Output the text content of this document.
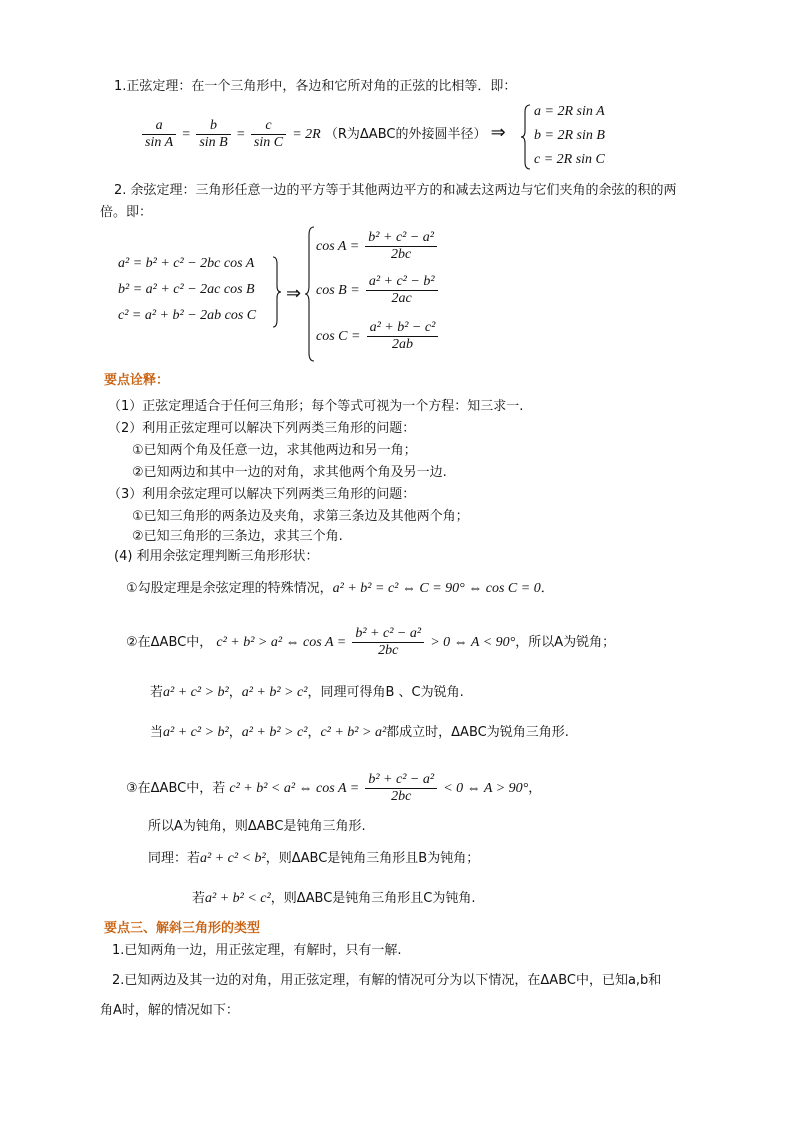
1.正弦定理：在一个三角形中，各边和它所对角的正弦的比相等．即：
$\frac{a}{\text{sin A}} = \frac{b}{\text{sin B}} = \frac{c}{\text{sin C}} = 2R$ （R为ΔABC的外接圆半径） ⇒
a = 2R sin A
b = 2R sin B
c = 2R sin C
2. 余弦定理：三角形任意一边的平方等于其他两边平方的和减去这两边与它们夹角的余弦的积的两
倍。即：
a² = b² + c² − 2bc cos A
b² = a² + c² − 2ac cos B
c² = a² + b² − 2ab cos C
⇒
$\cos A = \frac{\text{b² + c² − a²}}{2bc}$
$\cos B = \frac{\text{a² + c² − b²}}{2ac}$
$\cos C = \frac{\text{a² + b² − c²}}{2ab}$
要点诠释：
（1）正弦定理适合于任何三角形；每个等式可视为一个方程：知三求一.
（2）利用正弦定理可以解决下列两类三角形的问题：
①已知两个角及任意一边，求其他两边和另一角；
②已知两边和其中一边的对角，求其他两个角及另一边.
（3）利用余弦定理可以解决下列两类三角形的问题：
①已知三角形的两条边及夹角，求第三条边及其他两个角；
②已知三角形的三条边，求其三个角.
(4) 利用余弦定理判断三角形形状：
①勾股定理是余弦定理的特殊情况，a² + b² = c² ⇔ C = 90° ⇔ cos C = 0．
②在ΔABC中， c² + b² > a² ⇔ $\cos A = \frac{\text{b² + c² − a²}}{2bc} > 0$ ⇔ A < 90°，所以A为锐角；
若a² + c² > b²，a² + b² > c²，同理可得角B 、C为锐角.
当a² + c² > b²，a² + b² > c²，c² + b² > a²都成立时，ΔABC为锐角三角形.
③在ΔABC中，若 c² + b² < a² ⇔ $\cos A = \frac{\text{b² + c² − a²}}{2bc} < 0$ ⇔ A > 90°，
所以A为钝角，则ΔABC是钝角三角形.
同理：若a² + c² < b²，则ΔABC是钝角三角形且B为钝角；
若a² + b² < c²，则ΔABC是钝角三角形且C为钝角.
要点三、解斜三角形的类型
1.已知两角一边，用正弦定理，有解时，只有一解.
2.已知两边及其一边的对角，用正弦定理，有解的情况可分为以下情况，在ΔABC中，已知a,b和
角A时，解的情况如下：
